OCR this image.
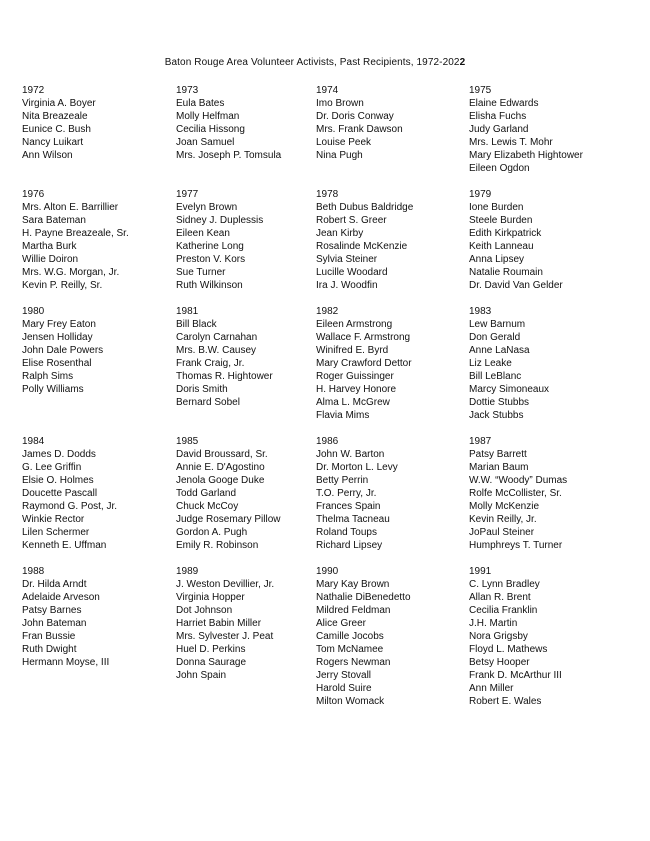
Baton Rouge Area Volunteer Activists, Past Recipients, 1972-2022
1972
Virginia A. Boyer
Nita Breazeale
Eunice C. Bush
Nancy Luikart
Ann Wilson
1973
Eula Bates
Molly Helfman
Cecilia Hissong
Joan Samuel
Mrs. Joseph P. Tomsula
1974
Imo Brown
Dr. Doris Conway
Mrs. Frank Dawson
Louise Peek
Nina Pugh
1975
Elaine Edwards
Elisha Fuchs
Judy Garland
Mrs. Lewis T. Mohr
Mary Elizabeth Hightower
Eileen Ogdon
1976
Mrs. Alton E. Barrillier
Sara Bateman
H. Payne Breazeale, Sr.
Martha Burk
Willie Doiron
Mrs. W.G. Morgan, Jr.
Kevin P. Reilly, Sr.
1977
Evelyn Brown
Sidney J. Duplessis
Eileen Kean
Katherine Long
Preston V. Kors
Sue Turner
Ruth Wilkinson
1978
Beth Dubus Baldridge
Robert S. Greer
Jean Kirby
Rosalinde McKenzie
Sylvia Steiner
Lucille Woodard
Ira J. Woodfin
1979
Ione Burden
Steele Burden
Edith Kirkpatrick
Keith Lanneau
Anna Lipsey
Natalie Roumain
Dr. David Van Gelder
1980
Mary Frey Eaton
Jensen Holliday
John Dale Powers
Elise Rosenthal
Ralph Sims
Polly Williams
1981
Bill Black
Carolyn Carnahan
Mrs. B.W. Causey
Frank Craig, Jr.
Thomas R. Hightower
Doris Smith
Bernard Sobel
1982
Eileen Armstrong
Wallace F. Armstrong
Winifred E. Byrd
Mary Crawford Dettor
Roger Guissinger
H. Harvey Honore
Alma L. McGrew
Flavia Mims
1983
Lew Barnum
Don Gerald
Anne LaNasa
Liz Leake
Bill LeBlanc
Marcy Simoneaux
Dottie Stubbs
Jack Stubbs
1984
James D. Dodds
G. Lee Griffin
Elsie O. Holmes
Doucette Pascall
Raymond G. Post, Jr.
Winkie Rector
Lilen Schermer
Kenneth E. Uffman
1985
David Broussard, Sr.
Annie E. D'Agostino
Jenola Googe Duke
Todd Garland
Chuck McCoy
Judge Rosemary Pillow
Gordon A. Pugh
Emily R. Robinson
1986
John W. Barton
Dr. Morton L. Levy
Betty Perrin
T.O. Perry, Jr.
Frances Spain
Thelma Tacneau
Roland Toups
Richard Lipsey
1987
Patsy Barrett
Marian Baum
W.W. “Woody” Dumas
Rolfe McCollister, Sr.
Molly McKenzie
Kevin Reilly, Jr.
JoPaul Steiner
Humphreys T. Turner
1988
Dr. Hilda Arndt
Adelaide Arveson
Patsy Barnes
John Bateman
Fran Bussie
Ruth Dwight
Hermann Moyse, III
1989
J. Weston Devillier, Jr.
Virginia Hopper
Dot Johnson
Harriet Babin Miller
Mrs. Sylvester J. Peat
Huel D. Perkins
Donna Saurage
John Spain
1990
Mary Kay Brown
Nathalie DiBenedetto
Mildred Feldman
Alice Greer
Camille Jocobs
Tom McNamee
Rogers Newman
Jerry Stovall
Harold Suire
Milton Womack
1991
C. Lynn Bradley
Allan R. Brent
Cecilia Franklin
J.H. Martin
Nora Grigsby
Floyd L. Mathews
Betsy Hooper
Frank D. McArthur III
Ann Miller
Robert E. Wales
